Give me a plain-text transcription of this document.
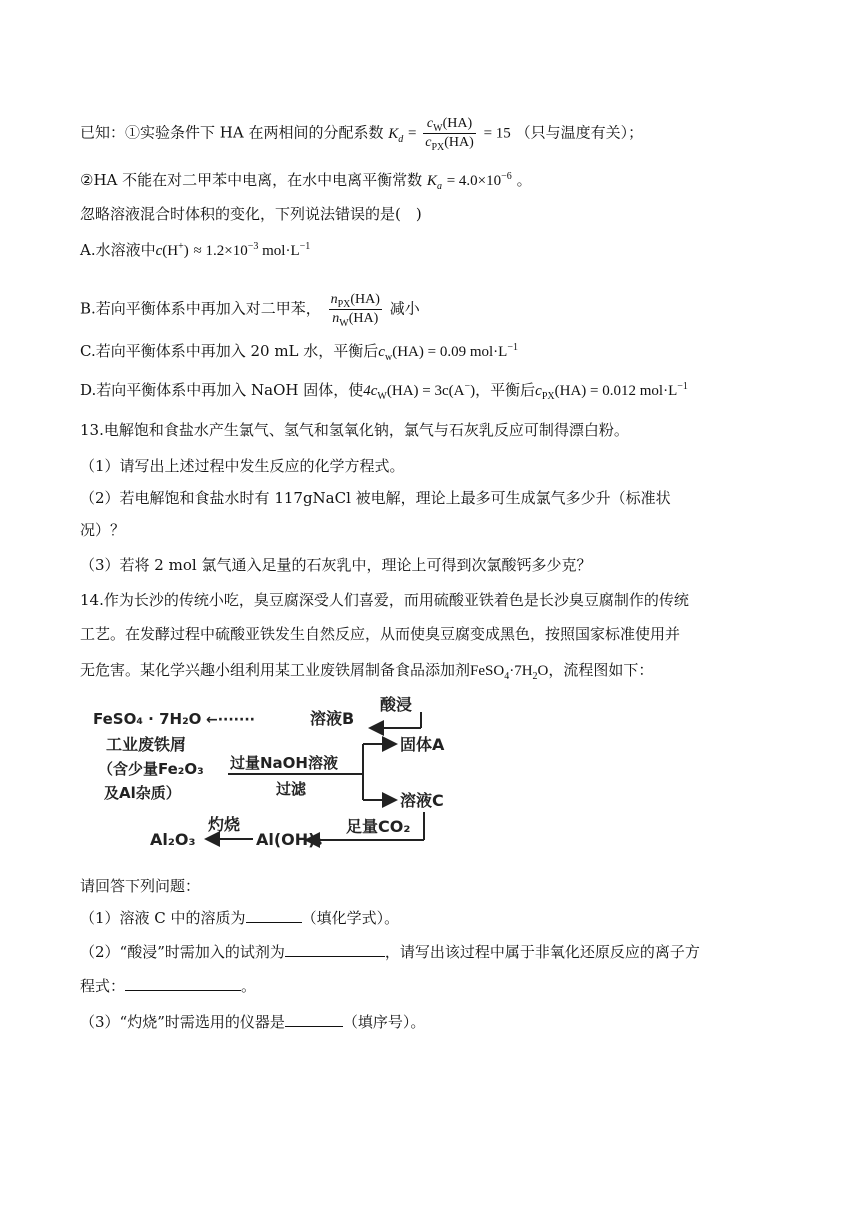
已知：①实验条件下 HA 在两相间的分配系数 $K_d = \frac{c_W(HA)}{c_{PX}(HA)} = 15$ （只与温度有关）；
②HA 不能在对二甲苯中电离，在水中电离平衡常数 $K_a = 4.0\times 10^{-6}$ 。
忽略溶液混合时体积的变化，下列说法错误的是(　)
A.水溶液中$c(H^+) \approx 1.2\times 10^{-3}$ $mol\cdot L^{-1}$
B.若向平衡体系中再加入对二甲苯， $\frac{n_{PX}(HA)}{n_W(HA)}$ 减小
C.若向平衡体系中再加入 20 mL 水，平衡后$c_w(HA) = 0.09$ $mol\cdot L^{-1}$
D.若向平衡体系中再加入 NaOH 固体，使$4c_W(HA) = 3c(A^-)$，平衡后$c_{PX}(HA) = 0.012$ $mol\cdot L^{-1}$
13.电解饱和食盐水产生氯气、氢气和氢氧化钠，氯气与石灰乳反应可制得漂白粉。
（1）请写出上述过程中发生反应的化学方程式。
（2）若电解饱和食盐水时有 117gNaCl 被电解，理论上最多可生成氯气多少升（标准状
况）？
（3）若将 2 mol 氯气通入足量的石灰乳中，理论上可得到次氯酸钙多少克？
14.作为长沙的传统小吃，臭豆腐深受人们喜爱，而用硫酸亚铁着色是长沙臭豆腐制作的传统
工艺。在发酵过程中硫酸亚铁发生自然反应，从而使臭豆腐变成黑色，按照国家标准使用并
无危害。某化学兴趣小组利用某工业废铁屑制备食品添加剂$FeSO_4\cdot 7H_2O$，流程图如下：
FeSO₄ · 7H₂O ←·······	溶液B
酸浸
工业废铁屑
（含少量Fe₂O₃
及Al杂质）
过量NaOH溶液
过滤
固体A
溶液C
足量CO₂
Al(OH)₃
灼烧
Al₂O₃
请回答下列问题：
（1）溶液 C 中的溶质为	（填化学式）。
（2）“酸浸”时需加入的试剂为	，请写出该过程中属于非氧化还原反应的离子方
程式：	。
（3）“灼烧”时需选用的仪器是	（填序号）。
